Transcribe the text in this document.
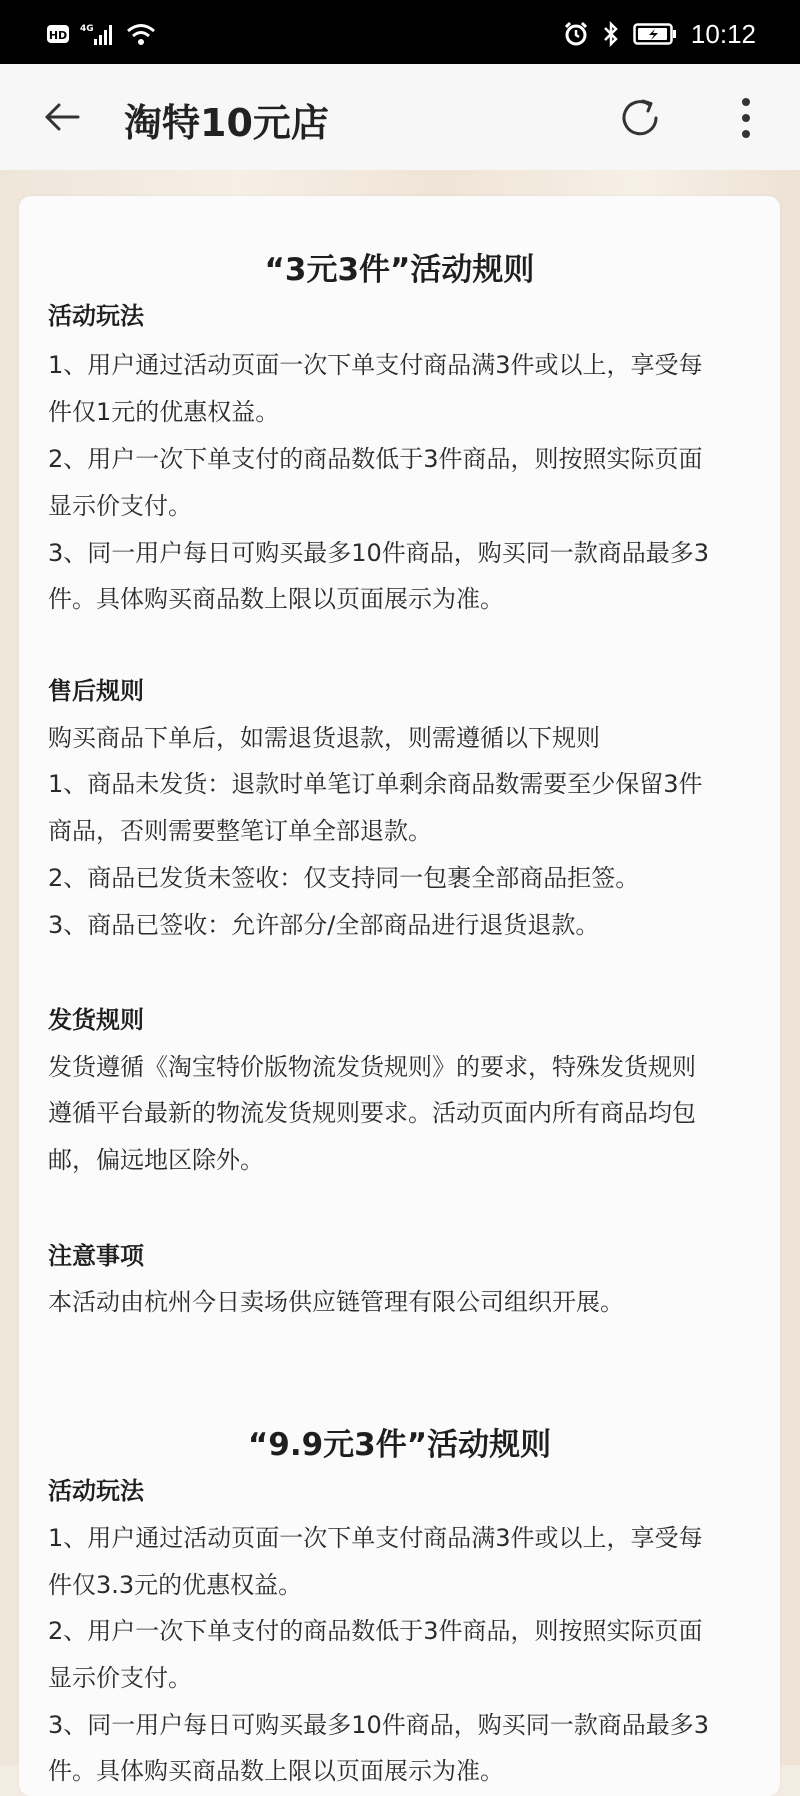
HD 4G	10:12
淘特10元店
“3元3件”活动规则
活动玩法
1、用户通过活动页面一次下单支付商品满3件或以上，享受每
件仅1元的优惠权益。
2、用户一次下单支付的商品数低于3件商品，则按照实际页面
显示价支付。
3、同一用户每日可购买最多10件商品，购买同一款商品最多3
件。具体购买商品数上限以页面展示为准。
售后规则
购买商品下单后，如需退货退款，则需遵循以下规则
1、商品未发货：退款时单笔订单剩余商品数需要至少保留3件
商品，否则需要整笔订单全部退款。
2、商品已发货未签收：仅支持同一包裹全部商品拒签。
3、商品已签收：允许部分/全部商品进行退货退款。
发货规则
发货遵循《淘宝特价版物流发货规则》的要求，特殊发货规则
遵循平台最新的物流发货规则要求。活动页面内所有商品均包
邮，偏远地区除外。
注意事项
本活动由杭州今日卖场供应链管理有限公司组织开展。
“9.9元3件”活动规则
活动玩法
1、用户通过活动页面一次下单支付商品满3件或以上，享受每
件仅3.3元的优惠权益。
2、用户一次下单支付的商品数低于3件商品，则按照实际页面
显示价支付。
3、同一用户每日可购买最多10件商品，购买同一款商品最多3
件。具体购买商品数上限以页面展示为准。
